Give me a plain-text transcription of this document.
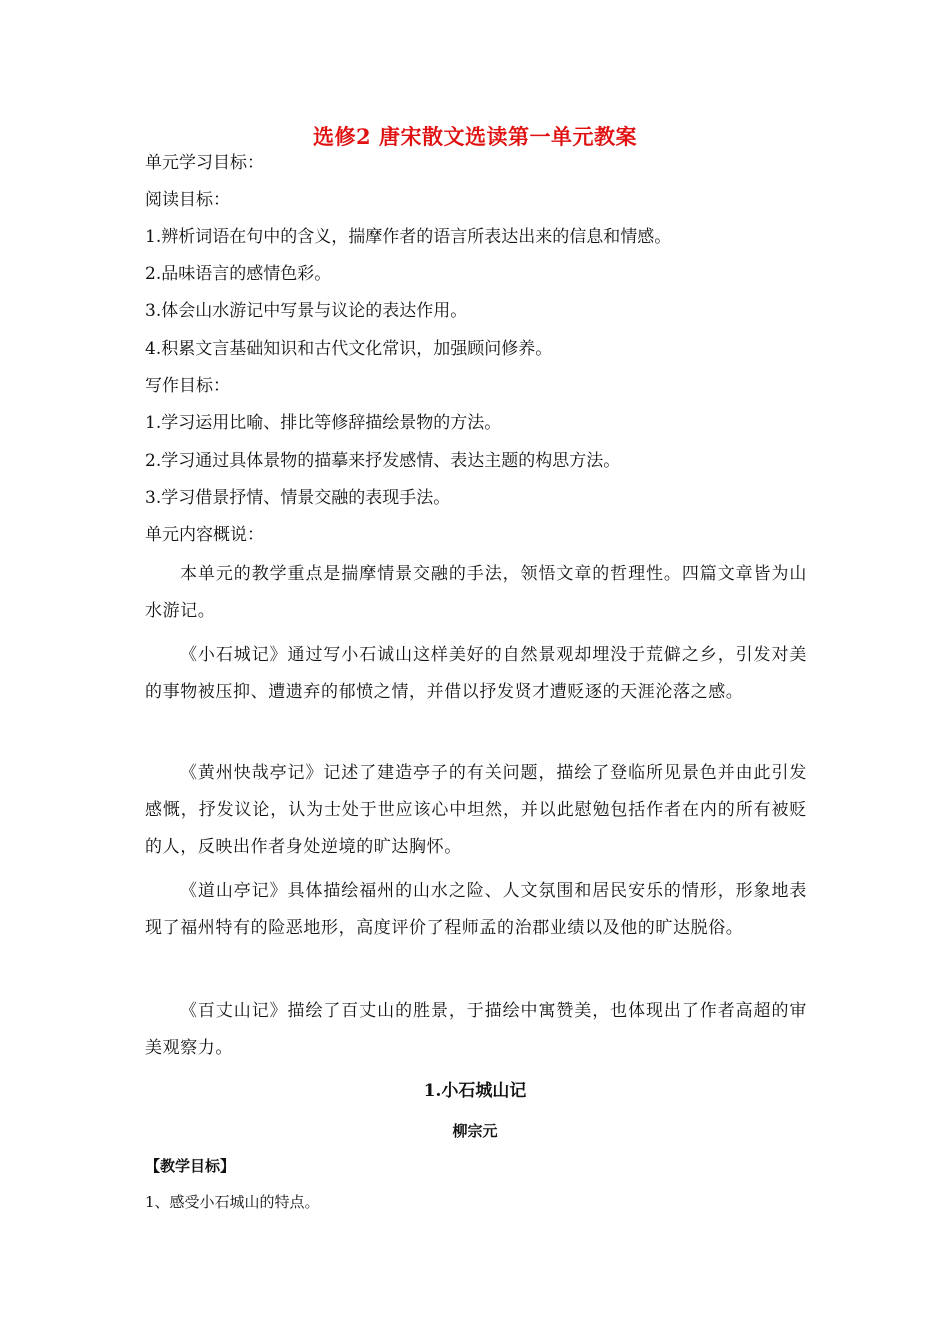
选修2 唐宋散文选读第一单元教案
单元学习目标：
阅读目标：
1.辨析词语在句中的含义，揣摩作者的语言所表达出来的信息和情感。
2.品味语言的感情色彩。
3.体会山水游记中写景与议论的表达作用。
4.积累文言基础知识和古代文化常识，加强顾问修养。
写作目标：
1.学习运用比喻、排比等修辞描绘景物的方法。
2.学习通过具体景物的描摹来抒发感情、表达主题的构思方法。
3.学习借景抒情、情景交融的表现手法。
单元内容概说：
本单元的教学重点是揣摩情景交融的手法，领悟文章的哲理性。四篇文章皆为山水游记。
《小石城记》通过写小石诚山这样美好的自然景观却埋没于荒僻之乡，引发对美的事物被压抑、遭遗弃的郁愤之情，并借以抒发贤才遭贬逐的天涯沦落之感。
《黄州快哉亭记》记述了建造亭子的有关问题，描绘了登临所见景色并由此引发感慨，抒发议论，认为士处于世应该心中坦然，并以此慰勉包括作者在内的所有被贬的人，反映出作者身处逆境的旷达胸怀。
《道山亭记》具体描绘福州的山水之险、人文氛围和居民安乐的情形，形象地表现了福州特有的险恶地形，高度评价了程师孟的治郡业绩以及他的旷达脱俗。
《百丈山记》描绘了百丈山的胜景，于描绘中寓赞美，也体现出了作者高超的审美观察力。
1.小石城山记
柳宗元
【教学目标】
1、感受小石城山的特点。
